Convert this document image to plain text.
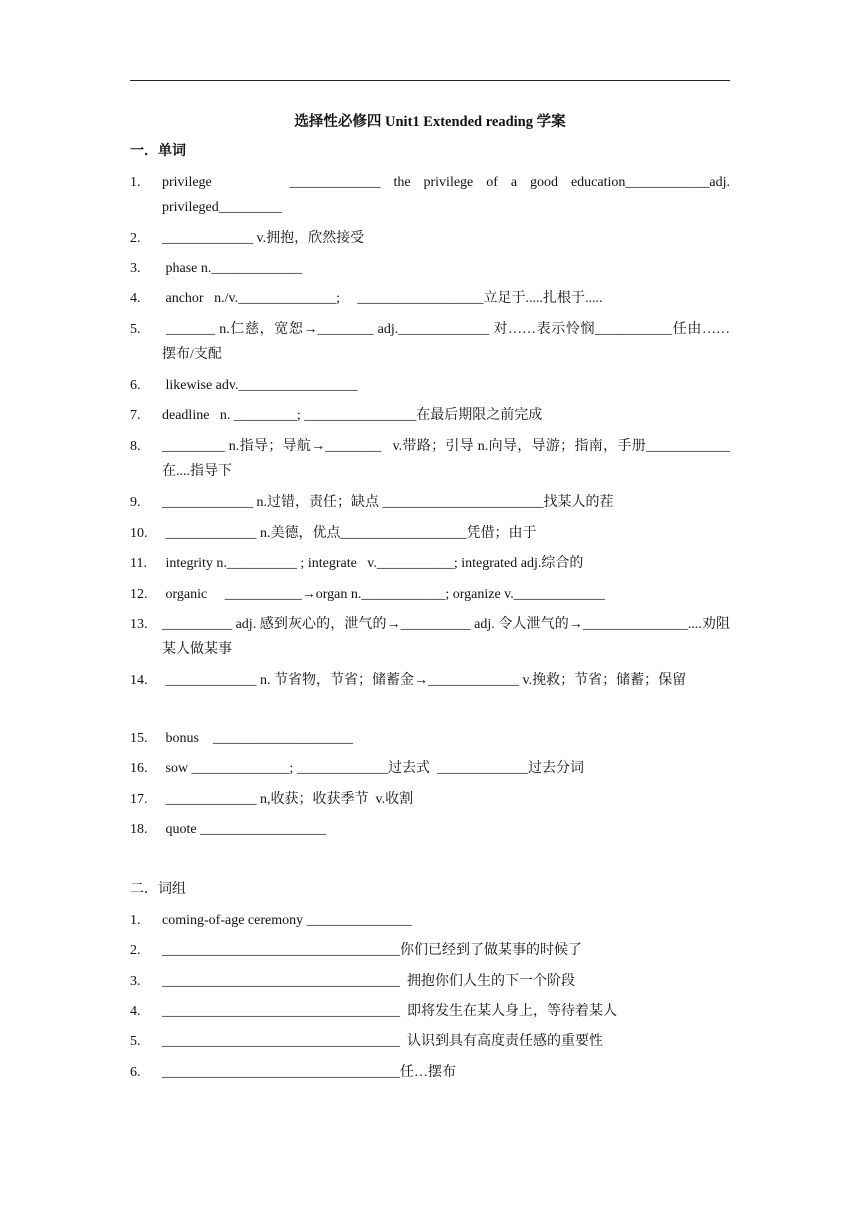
选择性必修四 Unit1 Extended reading 学案
一．单词
1. privilege      _____________ the privilege of a good education____________adj. privileged_________
2. _____________ v.拥抱，欣然接受
3. phase n._____________
4. anchor   n./v.______________;     __________________立足于.....扎根于.....
5. _______ n.仁慈，宽恕→________ adj._____________ 对……表示怜悯___________任由……摆布/支配
6. likewise adv._________________
7. deadline   n. _________; ________________在最后期限之前完成
8. _________ n.指导；导航→________   v.带路；引导 n.向导，导游；指南，手册____________在....指导下
9. _____________ n.过错，责任；缺点 _______________________找某人的茬
10. _____________ n.美德，优点__________________凭借；由于
11. integrity n.__________ ; integrate   v.___________; integrated adj.综合的
12. organic     ___________→organ n.____________; organize v._____________
13. __________ adj. 感到灰心的，泄气的→__________ adj. 令人泄气的→_______________....劝阻某人做某事
14. _____________ n. 节省物，节省；储蓄金→_____________ v.挽救；节省；储蓄；保留
15. bonus    ____________________
16. sow ______________; _____________过去式  _____________过去分词
17. _____________ n,收获；收获季节  v.收割
18. quote __________________
二．词组
1. coming-of-age ceremony _______________
2. __________________________________你们已经到了做某事的时候了
3. __________________________________  拥抱你们人生的下一个阶段
4. __________________________________  即将发生在某人身上，等待着某人
5. __________________________________  认识到具有高度责任感的重要性
6. __________________________________任…摆布
